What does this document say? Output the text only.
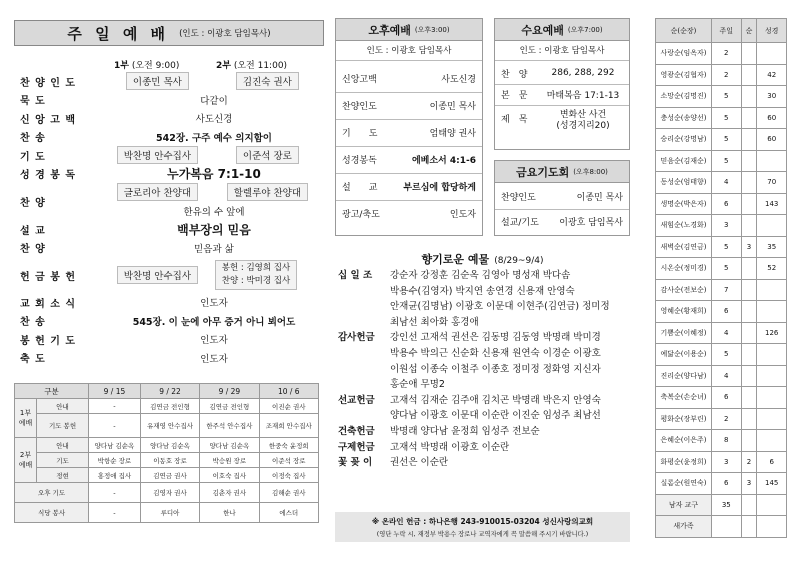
주 일 예 배 (인도 : 이광호 담임목사)
1부 (오전 9:00)	2부 (오전 11:00)
찬 양 인 도	이종민 목사	김진숙 권사
묵 도	다같이	
신 앙 고 백	사도신경	
찬 송	542장. 구주 예수 의지함이	
기 도	박찬명 안수집사	이준석 장로
성 경 봉 독	누가복음 7:1-10	
찬 양	글로리아 찬양대	할렐루야 찬양대
	한유의 수 앞에	
설 교	백부장의 믿음	
찬 양	믿음과 삶	
헌 금 봉 헌	박찬명 안수집사	봉헌 : 김영희 집사
찬양 : 박미경 집사
교 회 소 식	인도자	
찬 송	545장. 이 눈에 아무 증거 아니 뵈어도	
봉 헌 기 도	인도자	
축 도	인도자	
구분		9 / 15	9 / 22	9 / 29	10 / 6
1부 예배	안내	-	김연금 전인형	김연금 전인형	이진순 권사
	기도 봉헌	-	유재영 안수집사	한주석 안수집사	조재희 안수집사
2부 예배	안내	양다남 김순옥	양다남 김순옥	양다남 김순옥	한중숙 윤정희
	기도	박항순 장로	이동호 장로	박승원 장로	이준석 장로
	정현	홍정애 집사	김연금 권사	이호숙 집사	이정숙 집사
오후 기도		-	김영자 권사	김춘자 권사	김해순 권사
식당 봉사		-	루디아	한나	에스더
오후예배 (오후3:00)
인도 : 이광호 담임목사
신앙고백	사도신경
찬양인도	이종민 목사
기　　도	엄태양 권사
성경봉독	에베소서 4:1-6
설　　교	부르심에 합당하게
광고/축도	인도자
수요예배 (오후7:00)
인도 : 이광호 담임목사
찬　양	286, 288, 292
본　문	마태복음 17:1-13
제　목	변화산 사건
(성경지리20)
금요기도회 (오후8:00)
찬양인도	이종민 목사
설교/기도	이광호 담임목사
향기로운 예물 (8/29~9/4)
십 일 조	강순자 강정훈 김순옥 김영아 명성재 박다솜
박용수(김영자) 박지연 송연경 신용재 안영숙
안재균(김명남) 이광호 이문대 이현주(김연금) 정미정
최남선 최아화 홍경애
감사헌금	강인선 고재석 권선은 김동명 김동영 박명래 박미경
박용수 박의근 신순화 신용재 원연숙 이경순 이광호
이원섭 이종숙 이철주 이종호 정미정 정화영 지신자
홍순애 무명2
선교헌금	고재석 김재순 김주애 김치곤 박명래 박은지 안영숙
양다남 이광호 이문대 이순란 이진순 임성주 최남선
건축헌금	박명래 양다남 윤정희 임성주 전보순
구제헌금	고재석 박명래 이광호 이순란
꽃 꽂 이	권선은 이순란
※ 온라인 헌금 : 하나은행 243-910015-03204 성신사랑의교회
(영단 누락 시, 재정부 박용수 장로나 교역자에게 꼭 말씀해 주시기 바랍니다.)
순(순장)	주일	순	성경
사랑순(임옥자)	2		
영광순(김협자)	2		42
소망순(김명진)	5		30
충성순(송양선)	5		60
승리순(강명남)	5		60
믿음순(김재순)	5		
동성순(엄태향)	4		70
생명순(박은자)	6		143
새힘순(노경화)	3		
새벽순(김연금)	5	3	35
시온순(정미경)	5		52
감사순(전보순)	7		
영혜순(황재희)	6		
기쁨순(이혜정)	4		126
예닮순(이용순)	5		
진리순(양다남)	4		
축복순(손순녀)	6		
평화순(장부린)	2		
은혜순(이은주)	8		
화평순(윤정희)	3	2	6
실롬순(원연숙)	6	3	145
남자 교구	35		
새가족			
